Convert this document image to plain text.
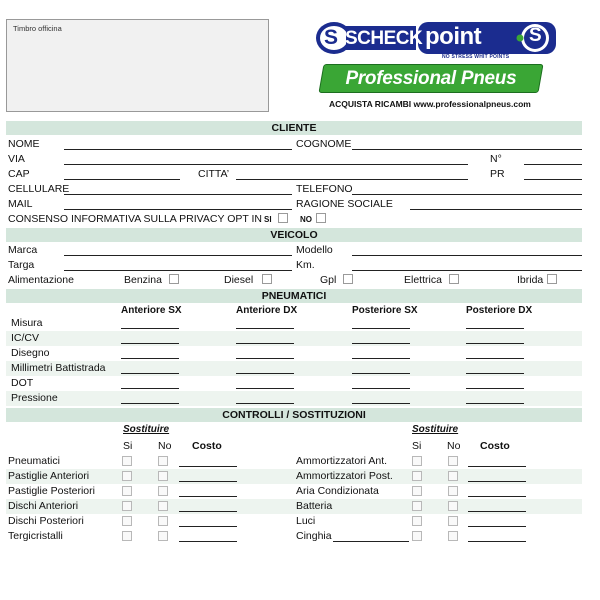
Timbro officina	S SCHECK point	S
NO STRESS WHIT POINTS
Professional Pneus
ACQUISTA RICAMBI www.professionalpneus.com
CLIENTE
NOME	COGNOME
VIA	N°
CAP	CITTA’	PR
CELLULARE	TELEFONO
MAIL	RAGIONE SOCIALE
CONSENSO INFORMATIVA SULLA PRIVACY OPT IN SI	NO
VEICOLO
Marca	Modello
Targa	Km.
Alimentazione	Benzina	Diesel	Gpl	Elettrica	Ibrida
PNEUMATICI
Anteriore SX	Anteriore DX	Posteriore SX	Posteriore DX
Misura
IC/CV
Disegno
Millimetri Battistrada
DOT
Pressione
CONTROLLI / SOSTITUZIONI
Sostituire	Sostituire
Si No Costo	Si No Costo
Pneumatici	Ammortizzatori Ant.
Pastiglie Anteriori	Ammortizzatori Post.
Pastiglie Posteriori	Aria Condizionata
Dischi Anteriori	Batteria
Dischi Posteriori	Luci
Tergicristalli	Cinghia
